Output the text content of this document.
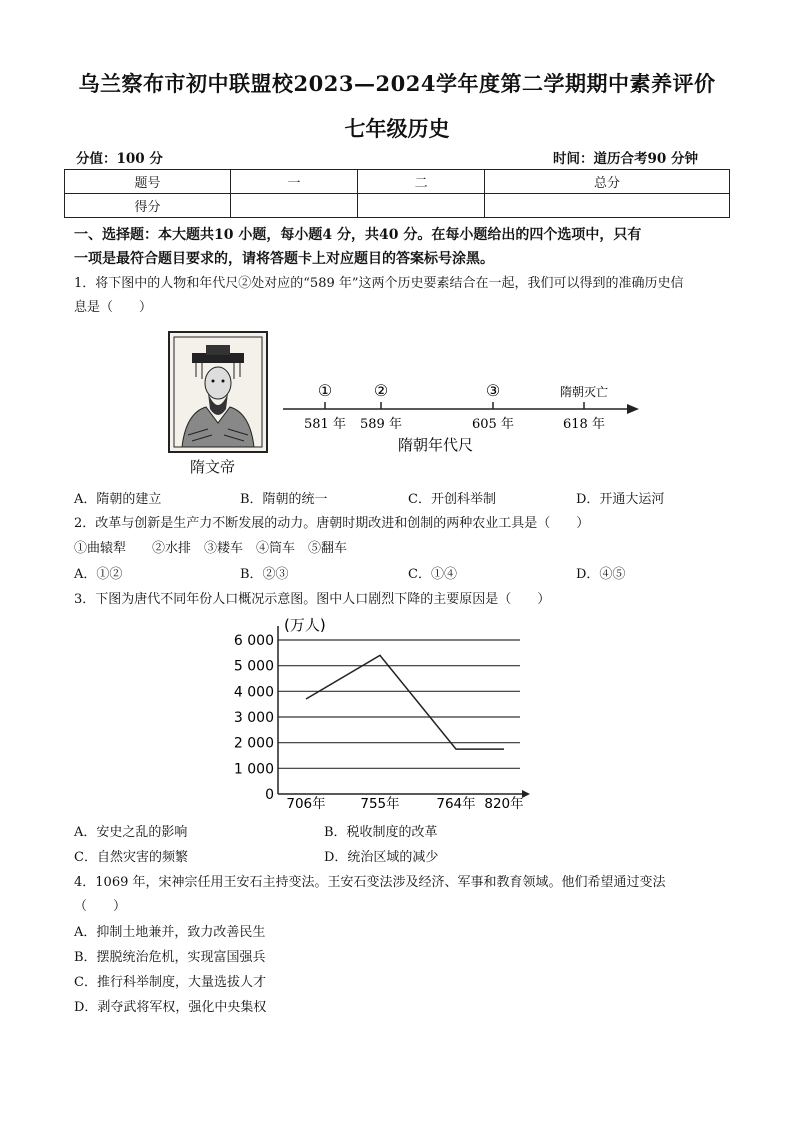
乌兰察布市初中联盟校2023—2024学年度第二学期期中素养评价
七年级历史
分值：100 分	时间：道历合考90 分钟
题号	一	二	总分
得分			
一、选择题：本大题共10 小题，每小题4 分，共40 分。在每小题给出的四个选项中，只有
一项是最符合题目要求的，请将答题卡上对应题目的答案标号涂黑。
1．将下图中的人物和年代尺②处对应的“589 年”这两个历史要素结合在一起，我们可以得到的准确历史信
息是（　　）
隋文帝
①
581 年
②
589 年
③
605 年
隋朝灭亡
618 年
隋朝年代尺
A．隋朝的建立	B．隋朝的统一	C．开创科举制	D．开通大运河
2．改革与创新是生产力不断发展的动力。唐朝时期改进和创制的两种农业工具是（　　）
①曲辕犁　　②水排　③耧车　④筒车　⑤翻车
A．①②	B．②③	C．①④	D．④⑤
3．下图为唐代不同年份人口概况示意图。图中人口剧烈下降的主要原因是（　　）
6 000
5 000
4 000
3 000
2 000
1 000
0
706年	755年	764年 820年
(万人)
A．安史之乱的影响	B．税收制度的改革
C．自然灾害的频繁	D．统治区域的减少
4．1069 年，宋神宗任用王安石主持变法。王安石变法涉及经济、军事和教育领域。他们希望通过变法
（　　）
A．抑制土地兼并，致力改善民生
B．摆脱统治危机，实现富国强兵
C．推行科举制度，大量选拔人才
D．剥夺武将军权，强化中央集权
